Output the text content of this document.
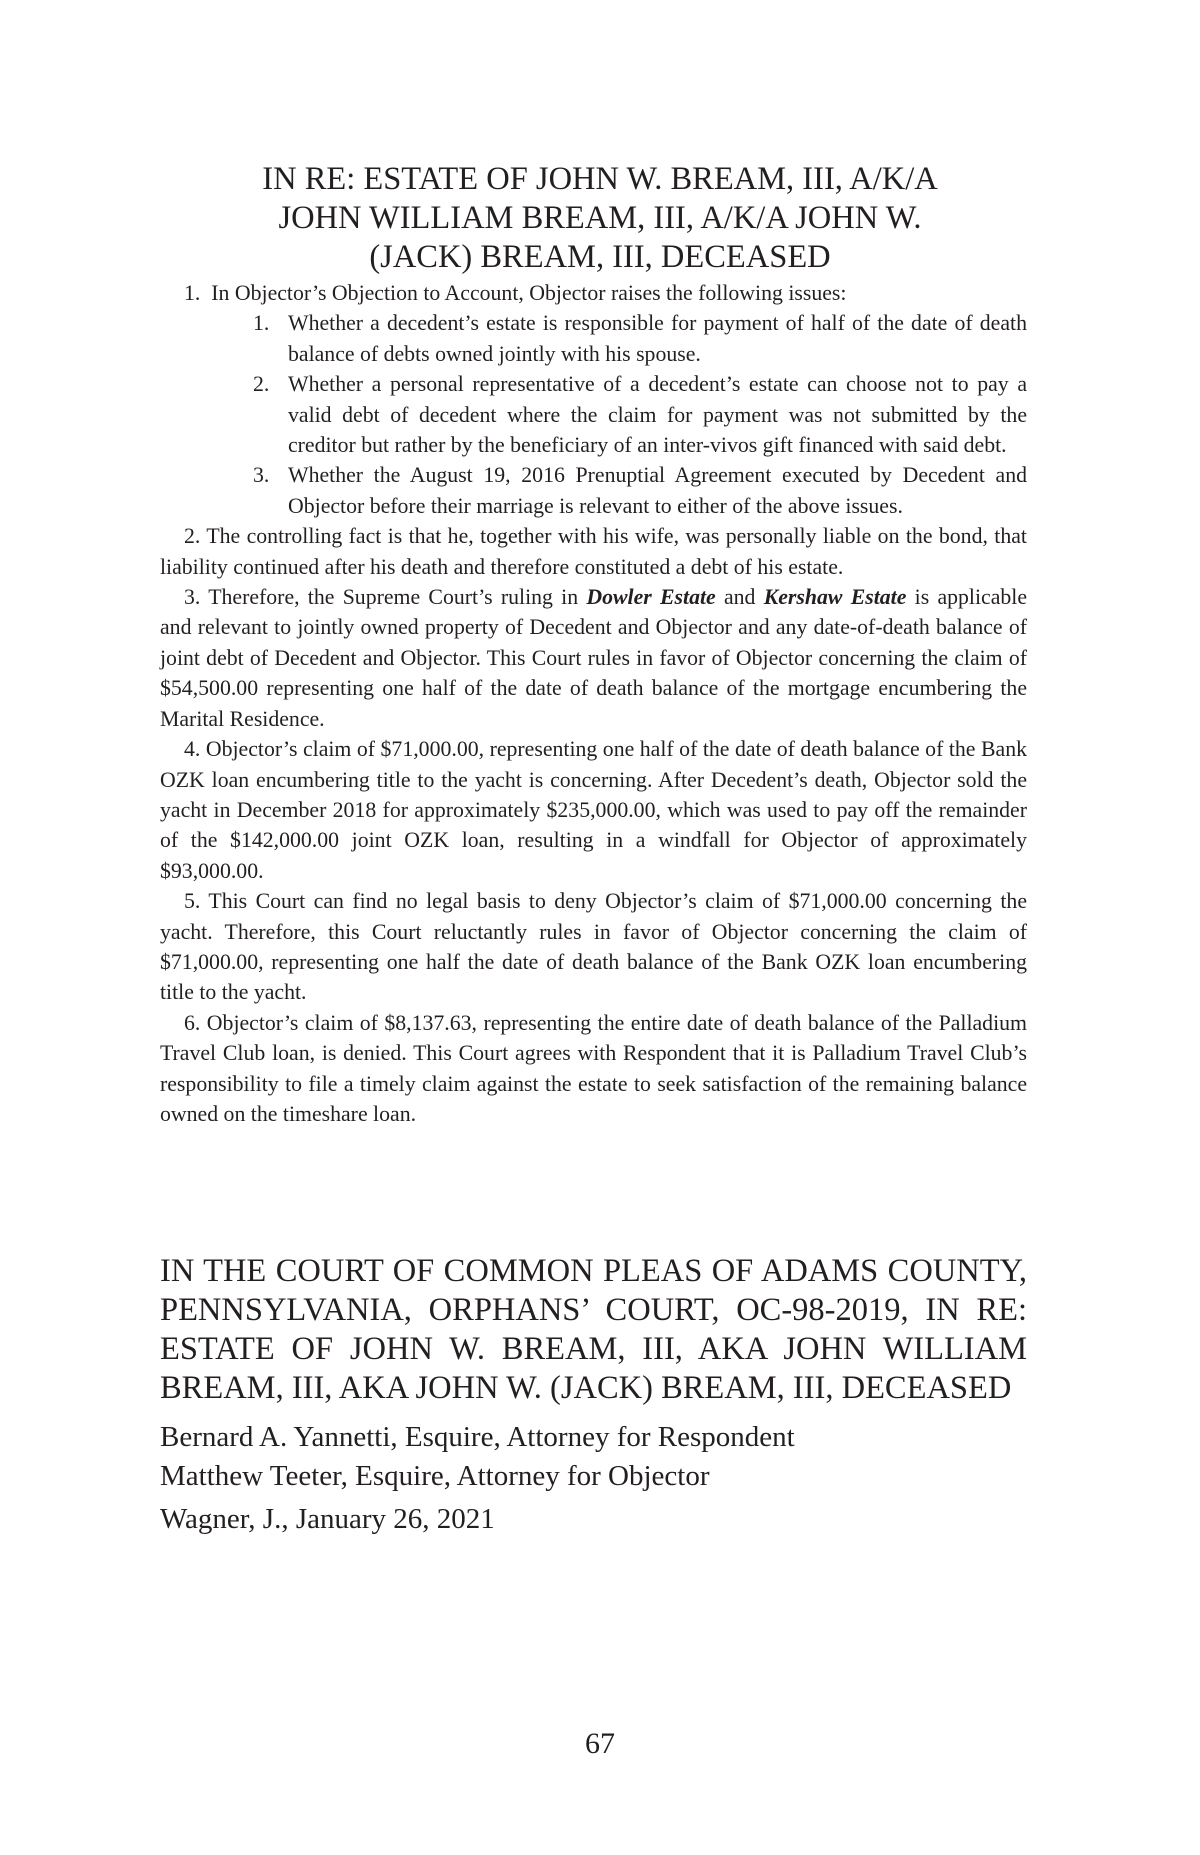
IN RE: ESTATE OF JOHN W. BREAM, III, A/K/A
JOHN WILLIAM BREAM, III, A/K/A JOHN W.
(JACK) BREAM, III, DECEASED

1. In Objector’s Objection to Account, Objector raises the following issues:

1. Whether a decedent’s estate is responsible for payment of half of the date of death balance of debts owned jointly with his spouse.
2. Whether a personal representative of a decedent’s estate can choose not to pay a valid debt of decedent where the claim for payment was not submitted by the creditor but rather by the beneficiary of an inter-vivos gift financed with said debt.
3. Whether the August 19, 2016 Prenuptial Agreement executed by Decedent and Objector before their marriage is relevant to either of the above issues.

2. The controlling fact is that he, together with his wife, was personally liable on the bond, that liability continued after his death and therefore constituted a debt of his estate.

3. Therefore, the Supreme Court’s ruling in Dowler Estate and Kershaw Estate is applicable and relevant to jointly owned property of Decedent and Objector and any date-of-death balance of joint debt of Decedent and Objector. This Court rules in favor of Objector concerning the claim of $54,500.00 representing one half of the date of death balance of the mortgage encumbering the Marital Residence.

4. Objector’s claim of $71,000.00, representing one half of the date of death balance of the Bank OZK loan encumbering title to the yacht is concerning. After Decedent’s death, Objector sold the yacht in December 2018 for approximately $235,000.00, which was used to pay off the remainder of the $142,000.00 joint OZK loan, resulting in a windfall for Objector of approximately $93,000.00.

5. This Court can find no legal basis to deny Objector’s claim of $71,000.00 concerning the yacht. Therefore, this Court reluctantly rules in favor of Objector concerning the claim of $71,000.00, representing one half the date of death balance of the Bank OZK loan encumbering title to the yacht.

6. Objector’s claim of $8,137.63, representing the entire date of death balance of the Palladium Travel Club loan, is denied. This Court agrees with Respondent that it is Palladium Travel Club’s responsibility to file a timely claim against the estate to seek satisfaction of the remaining balance owned on the timeshare loan.

IN THE COURT OF COMMON PLEAS OF ADAMS COUNTY,
PENNSYLVANIA, ORPHANS’ COURT, OC-98-2019, IN RE:
ESTATE OF JOHN W. BREAM, III, AKA JOHN WILLIAM
BREAM, III, AKA JOHN W. (JACK) BREAM, III, DECEASED
Bernard A. Yannetti, Esquire, Attorney for Respondent
Matthew Teeter, Esquire, Attorney for Objector
Wagner, J., January 26, 2021
67
